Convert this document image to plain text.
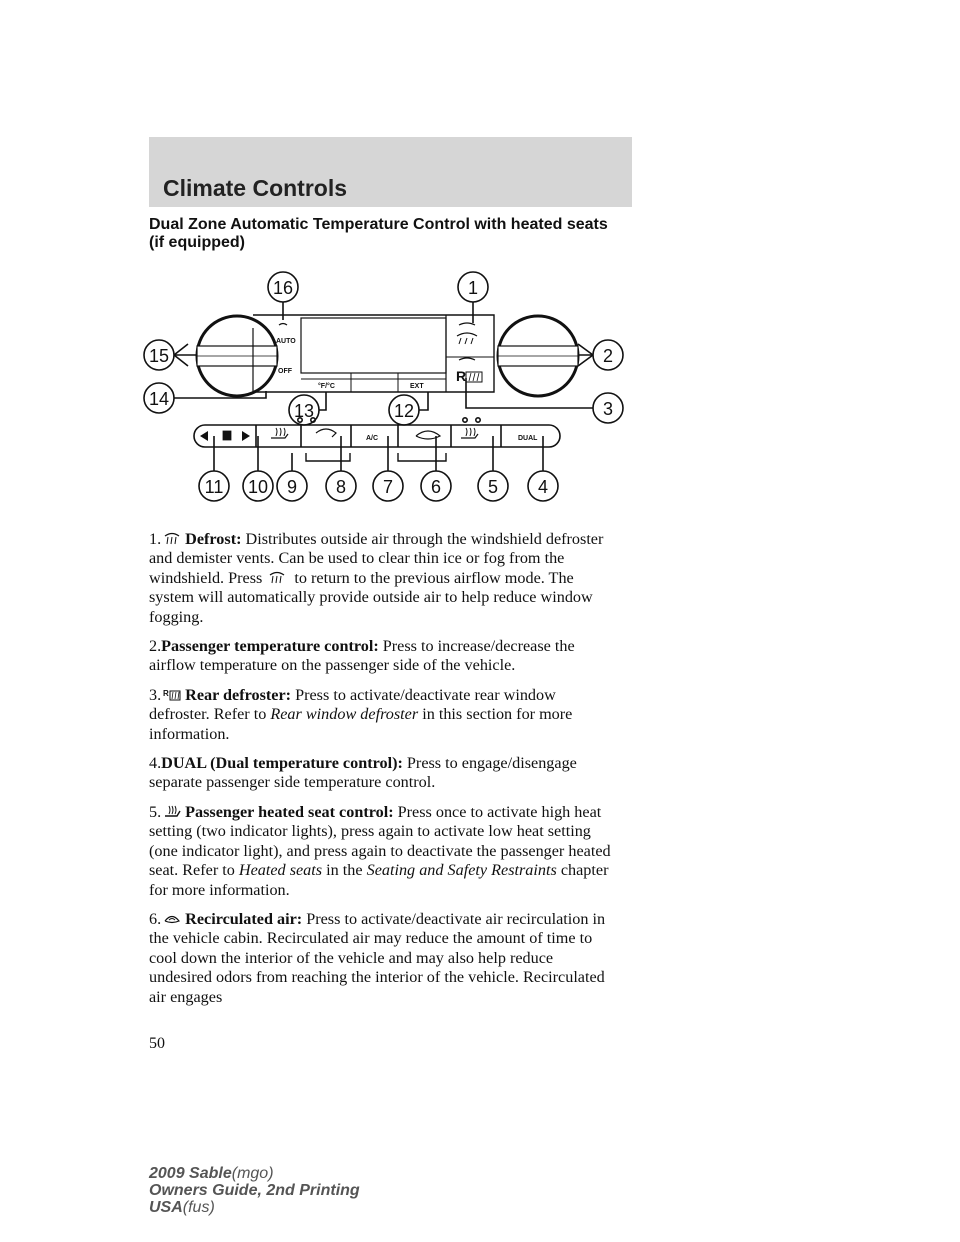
Climate Controls
Dual Zone Automatic Temperature Control with heated seats
(if equipped)
16	1
15	2
14	3
13	12
11 10 9 8 7 6	5 4
AUTO
OFF
°F/°C	EXT
A/C	DUAL
R

1. Defrost: Distributes outside air through the windshield defroster and demister vents. Can be used to clear thin ice or fog from the windshield. Press  to return to the previous airflow mode. The system will automatically provide outside air to help reduce window fogging.

2.Passenger temperature control: Press to increase/decrease the airflow temperature on the passenger side of the vehicle.

3. R Rear defroster: Press to activate/deactivate rear window defroster. Refer to Rear window defroster in this section for more information.

4.DUAL (Dual temperature control): Press to engage/disengage separate passenger side temperature control.

5. Passenger heated seat control: Press once to activate high heat setting (two indicator lights), press again to activate low heat setting (one indicator light), and press again to deactivate the passenger heated seat. Refer to Heated seats in the Seating and Safety Restraints chapter for more information.

6. Recirculated air: Press to activate/deactivate air recirculation in the vehicle cabin. Recirculated air may reduce the amount of time to cool down the interior of the vehicle and may also help reduce undesired odors from reaching the interior of the vehicle. Recirculated air engages

50
2009 Sable(mgo)
Owners Guide, 2nd Printing
USA(fus)
